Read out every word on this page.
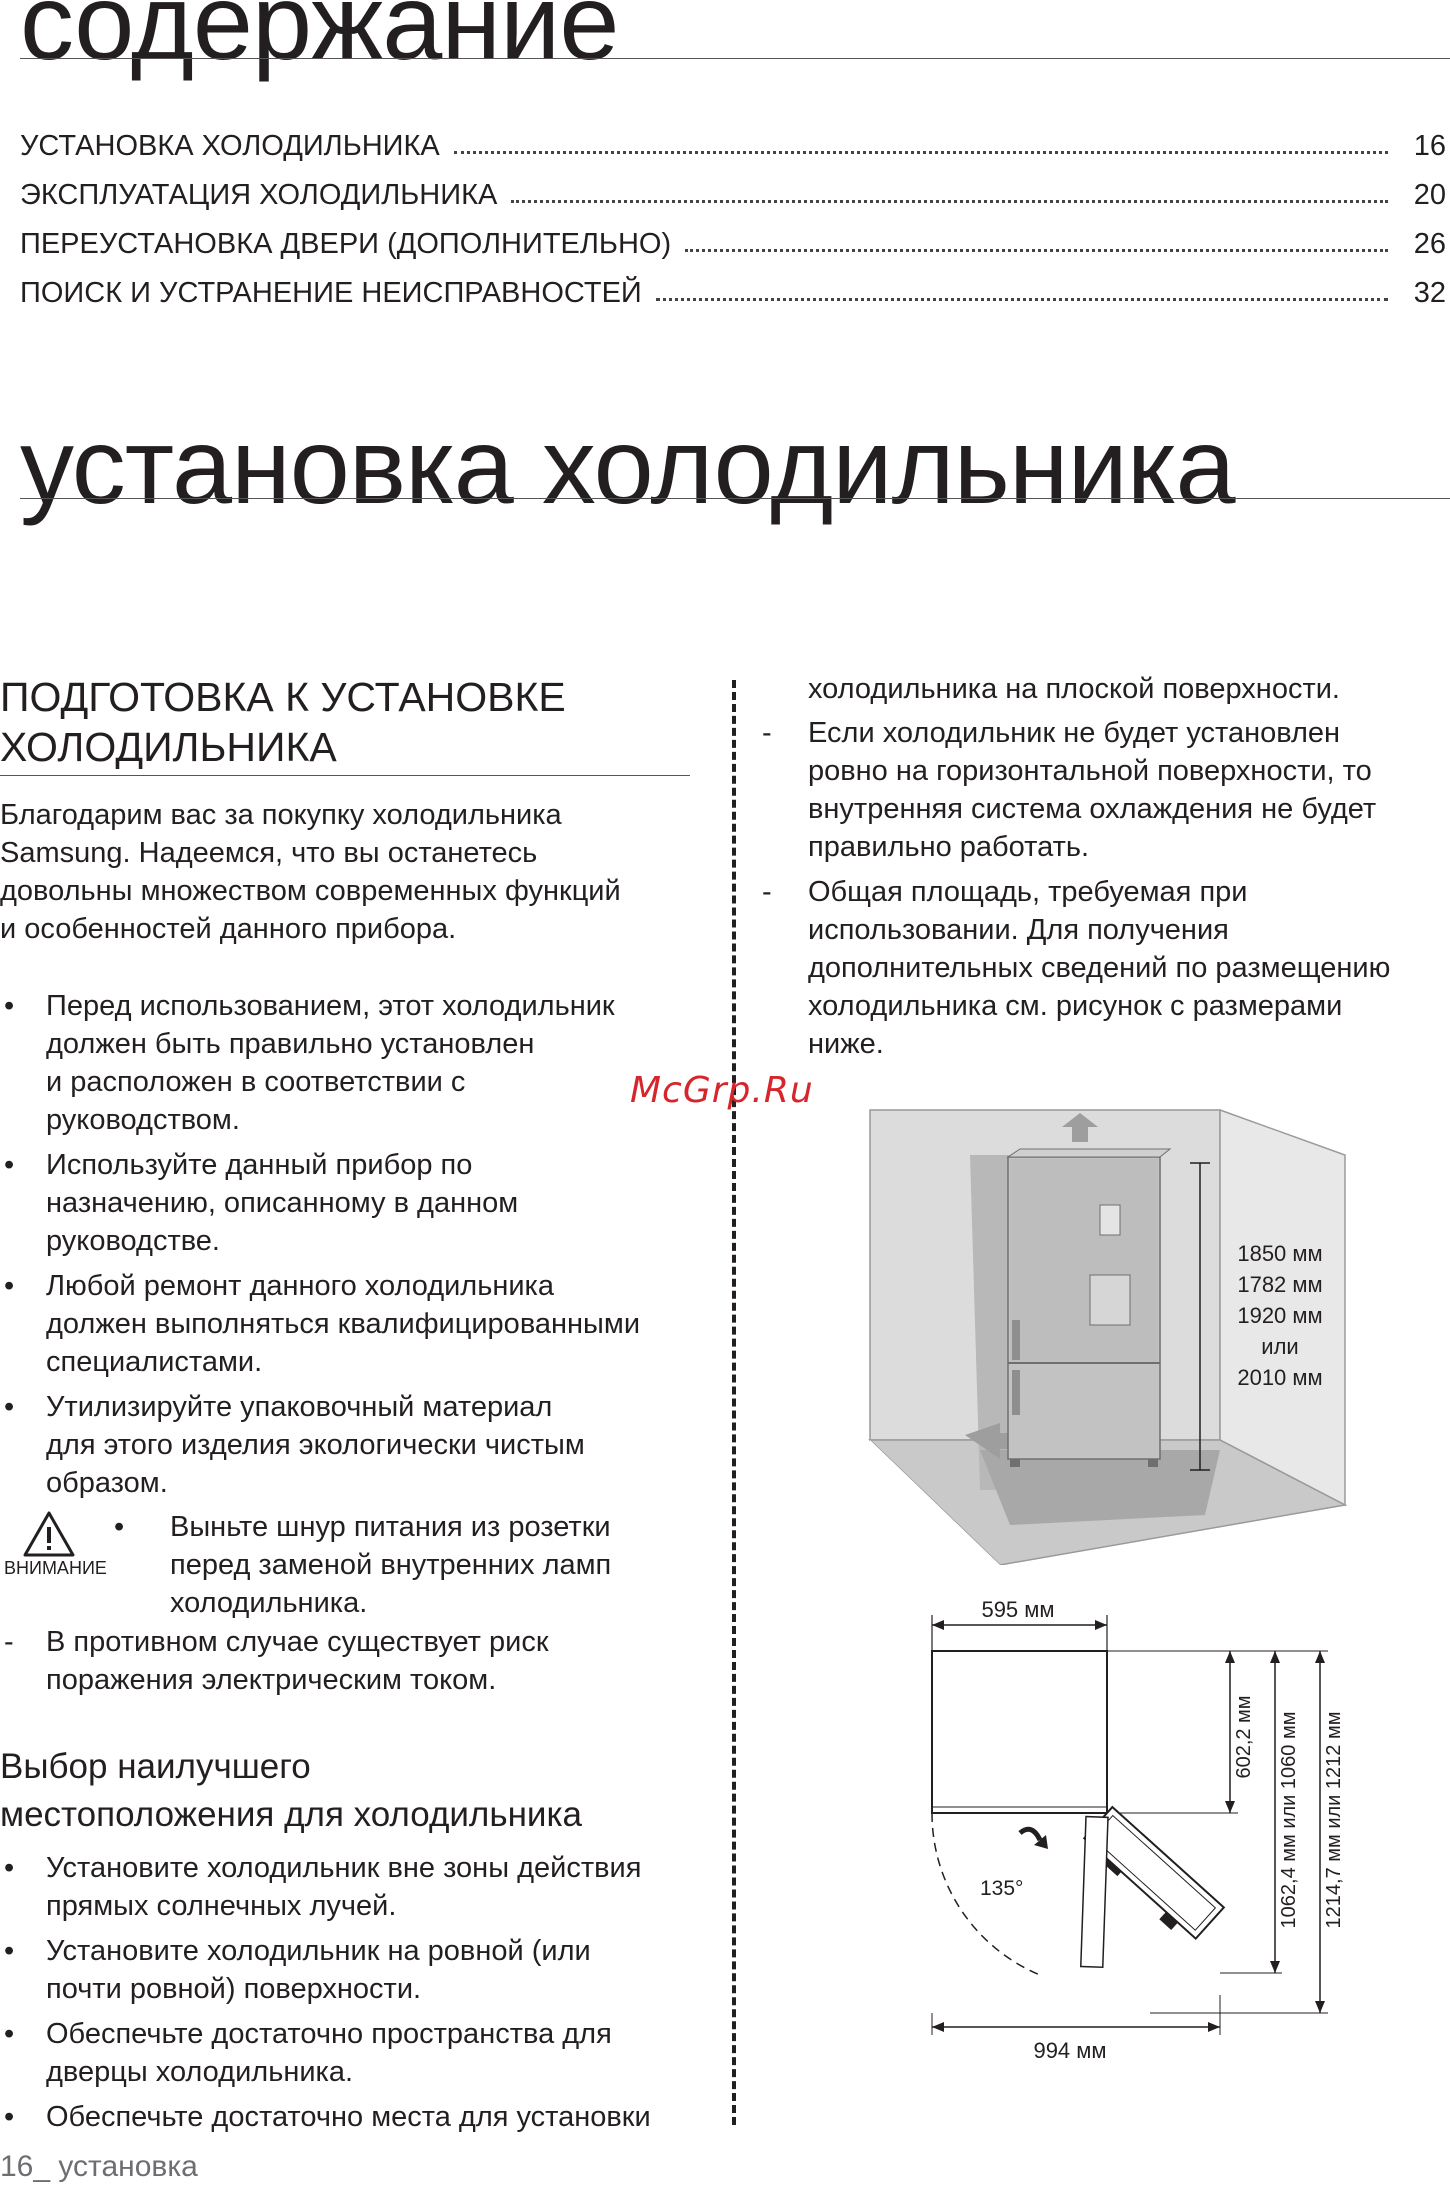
содержание
УСТАНОВКА ХОЛОДИЛЬНИКА	16
ЭКСПЛУАТАЦИЯ ХОЛОДИЛЬНИКА	20
ПЕРЕУСТАНОВКА ДВЕРИ (ДОПОЛНИТЕЛЬНО)	26
ПОИСК И УСТРАНЕНИЕ НЕИСПРАВНОСТЕЙ	32
установка холодильника
ПОДГОТОВКА К УСТАНОВКЕ
ХОЛОДИЛЬНИКА

Благодарим вас за покупку холодильника

Samsung. Надеемся, что вы останетесь

довольны множеством современных функций

и особенностей данного прибора.

• Перед использованием, этот холодильник
должен быть правильно установлен
и расположен в соответствии с
руководством.
• Используйте данный прибор по
назначению, описанному в данном
руководстве.
• Любой ремонт данного холодильника
должен выполняться квалифицированными
специалистами.
• Утилизируйте упаковочный материал
для этого изделия экологически чистым
образом.
ВНИМАНИЕ
• Выньте шнур питания из розетки
перед заменой внутренних ламп
холодильника.
- В противном случае существует риск
поражения электрическим током.
Выбор наилучшего
местоположения для холодильника
• Установите холодильник вне зоны действия
прямых солнечных лучей.
• Установите холодильник на ровной (или
почти ровной) поверхности.
• Обеспечьте достаточно пространства для
дверцы холодильника.
• Обеспечьте достаточно места для установки

холодильника на плоской поверхности.

- Если холодильник не будет установлен
ровно на горизонтальной поверхности, то
внутренняя система охлаждения не будет
правильно работать.
- Общая площадь, требуемая при
использовании. Для получения
дополнительных сведений по размещению
холодильника см. рисунок с размерами
ниже.
McGrp.Ru
1850 мм
1782 мм
1920 мм
или
2010 мм
595 мм
602,2 мм 1062,4 мм или 1060 мм 1214,7 мм или 1212 мм
135°
994 мм
16_ установка
